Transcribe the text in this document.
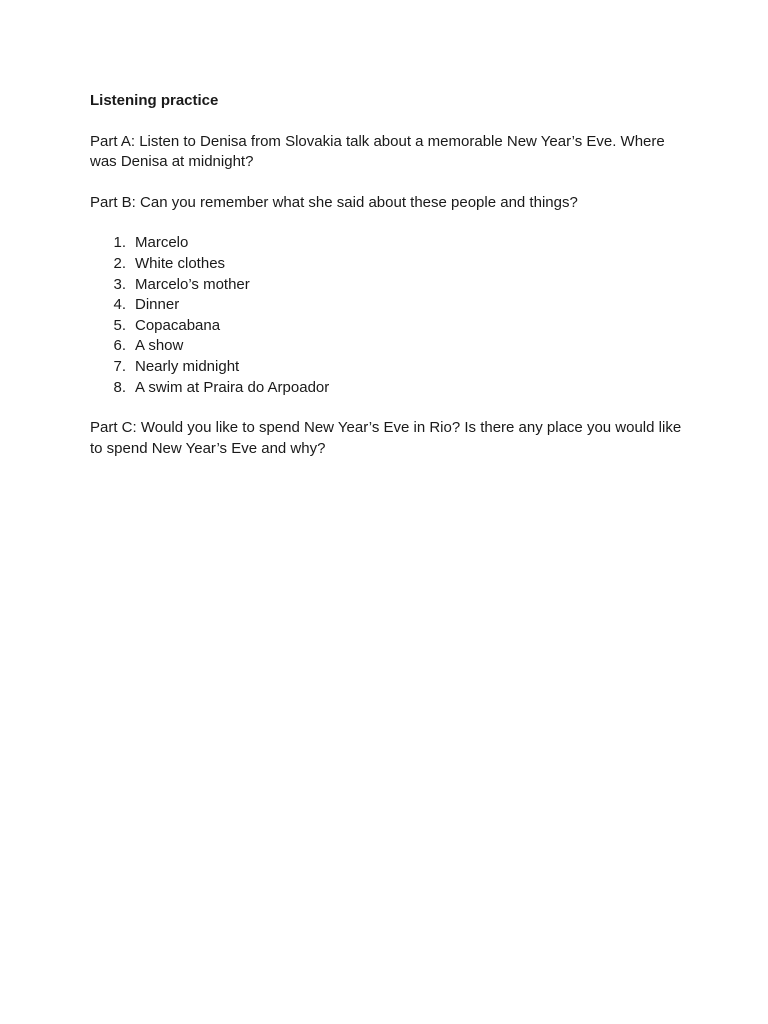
Listening practice
Part A: Listen to Denisa from Slovakia talk about a memorable New Year’s Eve. Where was Denisa at midnight?
Part B: Can you remember what she said about these people and things?
1. Marcelo
2. White clothes
3. Marcelo’s mother
4. Dinner
5. Copacabana
6. A show
7. Nearly midnight
8. A swim at Praira do Arpoador
Part C: Would you like to spend New Year’s Eve in Rio? Is there any place you would like to spend New Year’s Eve and why?
